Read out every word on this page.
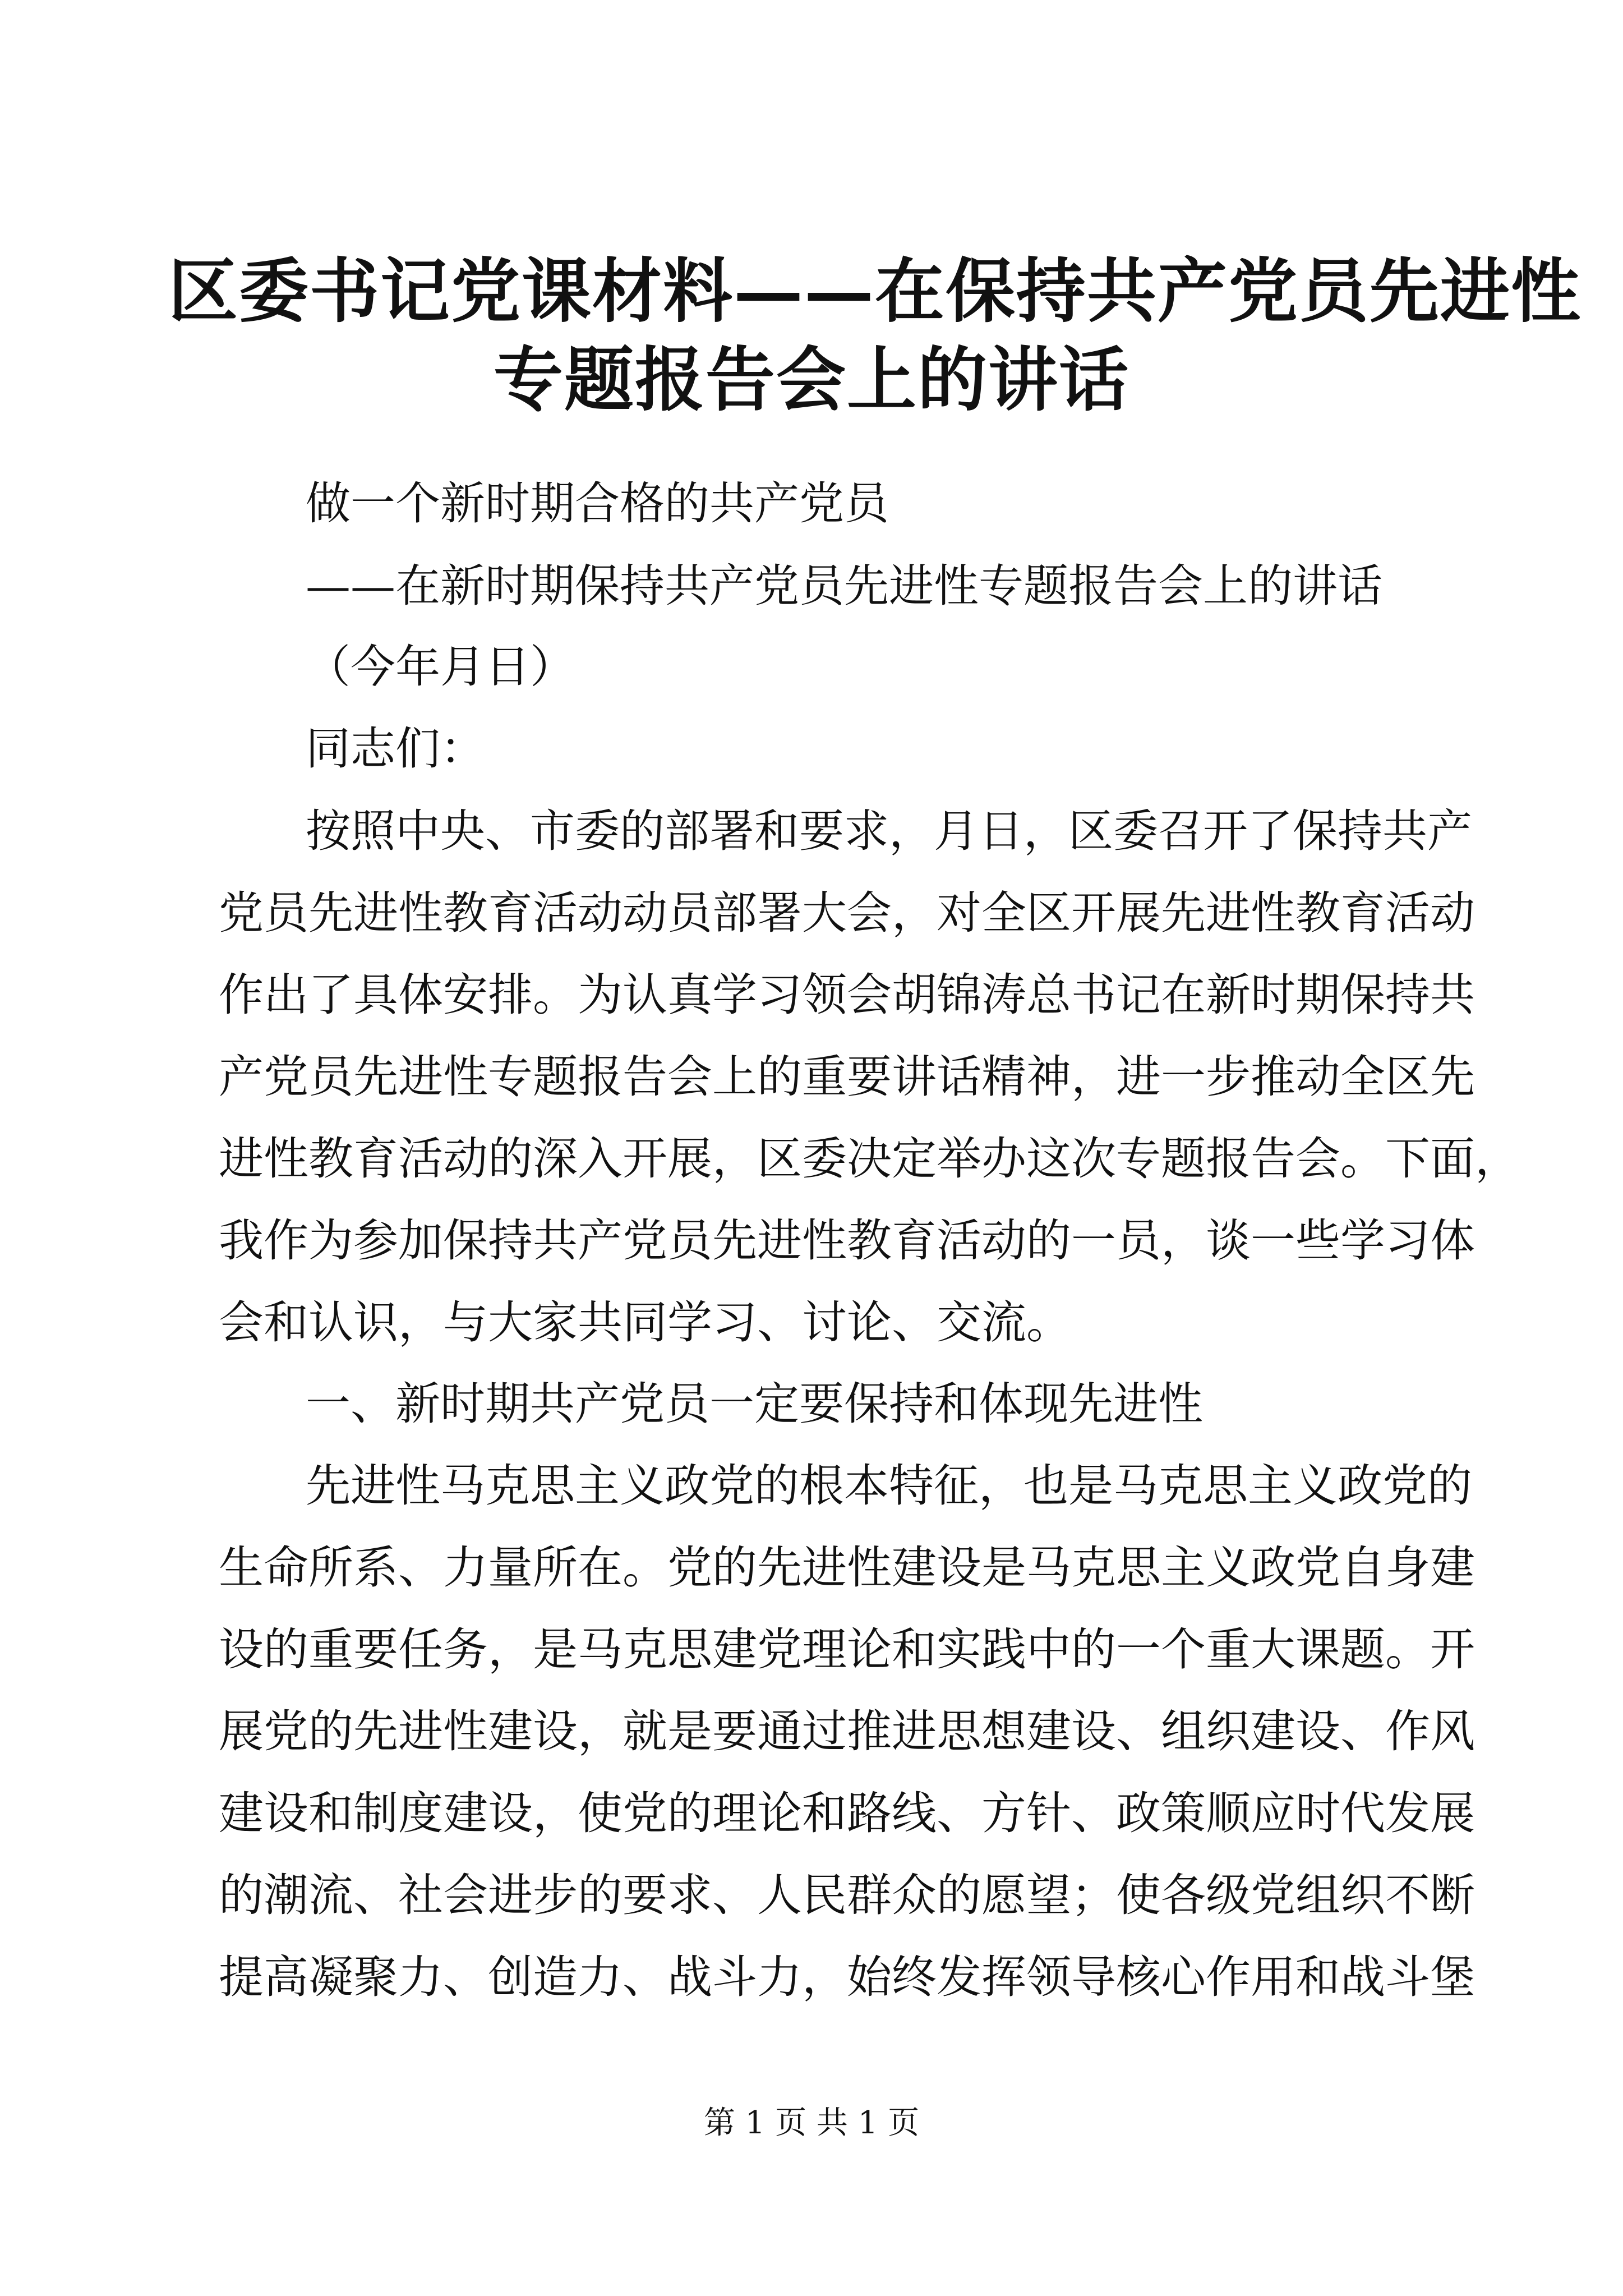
区委书记党课材料——在保持共产党员先进性
专题报告会上的讲话
做一个新时期合格的共产党员
——在新时期保持共产党员先进性专题报告会上的讲话
（今年月日）
同志们：
按照中央、市委的部署和要求，月日，区委召开了保持共产
党员先进性教育活动动员部署大会，对全区开展先进性教育活动
作出了具体安排。为认真学习领会胡锦涛总书记在新时期保持共
产党员先进性专题报告会上的重要讲话精神，进一步推动全区先
进性教育活动的深入开展，区委决定举办这次专题报告会。下面，
我作为参加保持共产党员先进性教育活动的一员，谈一些学习体
会和认识，与大家共同学习、讨论、交流。
一、新时期共产党员一定要保持和体现先进性
先进性马克思主义政党的根本特征，也是马克思主义政党的
生命所系、力量所在。党的先进性建设是马克思主义政党自身建
设的重要任务，是马克思建党理论和实践中的一个重大课题。开
展党的先进性建设，就是要通过推进思想建设、组织建设、作风
建设和制度建设，使党的理论和路线、方针、政策顺应时代发展
的潮流、社会进步的要求、人民群众的愿望；使各级党组织不断
提高凝聚力、创造力、战斗力，始终发挥领导核心作用和战斗堡
第 1 页 共 1 页
